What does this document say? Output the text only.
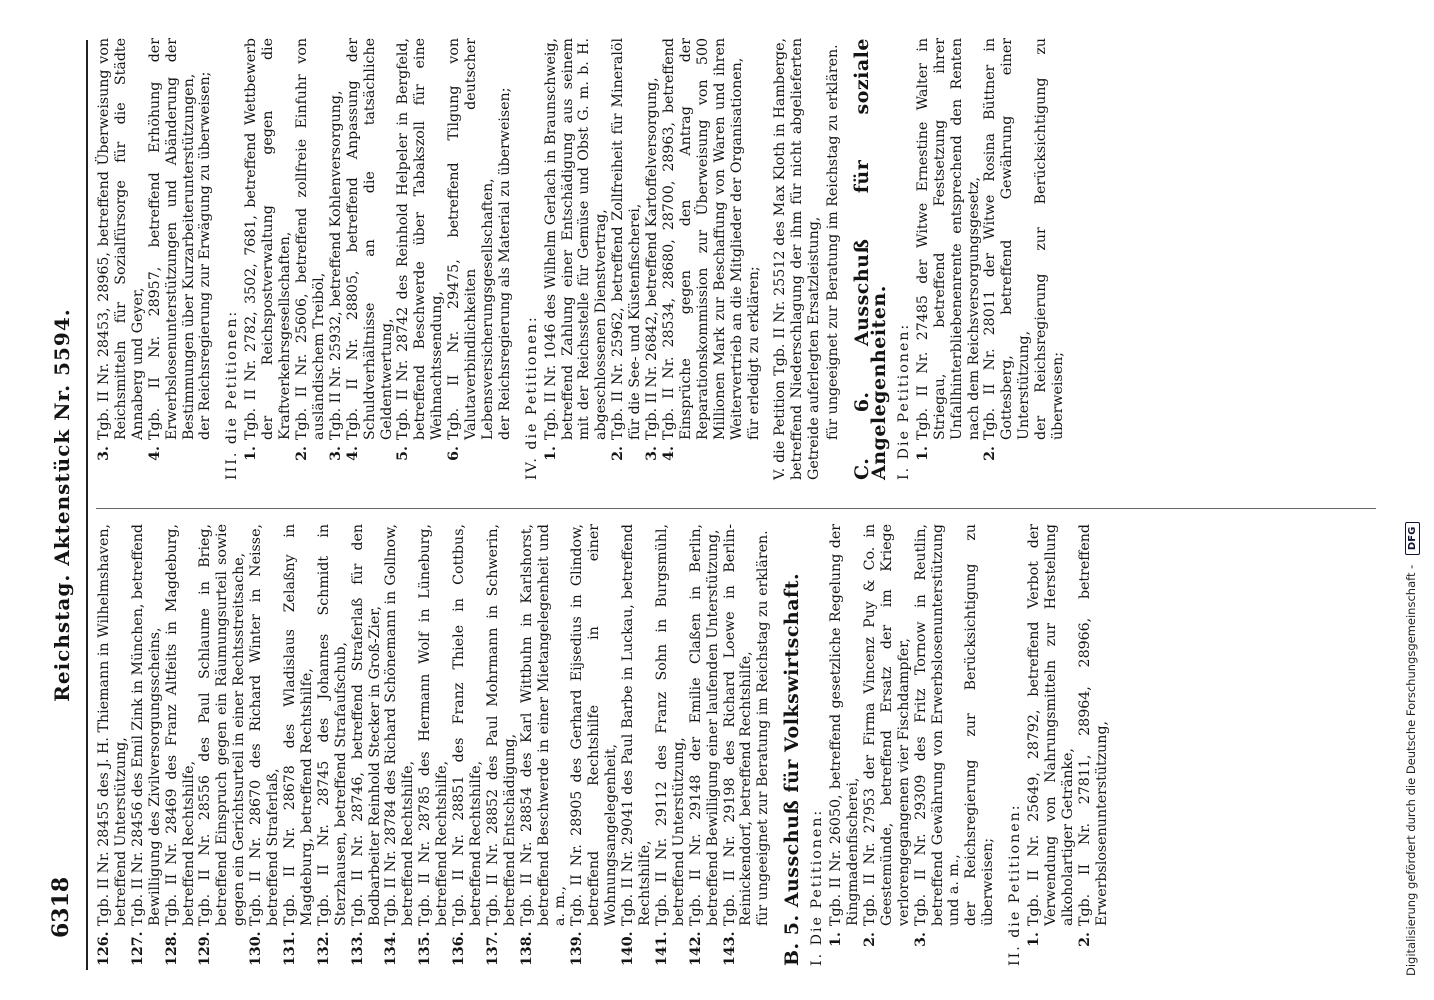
6318
Reichstag. Aktenstück Nr. 5594.
126.
Tgb. II Nr. 28455 des J. H. Thiemann in Wilhelmshaven, betreffend Unterstützung,
127.
Tgb. II Nr. 28456 des Emil Zink in München, betreffend Bewilligung des Zivilversorgungsscheins,
128.
Tgb. II Nr. 28469 des Franz Altfeits in Magdeburg, betreffend Rechtshilfe,
129.
Tgb. II Nr. 28556 des Paul Schlaume in Brieg, betreffend Einspruch gegen ein Räumungsurteil sowie gegen ein Gerichtsurteil in einer Rechtsstreitsache,
130.
Tgb. II Nr. 28670 des Richard Winter in Neisse, betreffend Straferlaß,
131.
Tgb. II Nr. 28678 des Wladislaus Zelaßny in Magdeburg, betreffend Rechtshilfe,
132.
Tgb. II Nr. 28745 des Johannes Schmidt in Sterzhausen, betreffend Strafaufschub,
133.
Tgb. II Nr. 28746, betreffend Straferlaß für den Bodbarbeiter Reinhold Stecker in Groß-Zier,
134.
Tgb. II Nr. 28784 des Richard Schönemann in Gollnow, betreffend Rechtshilfe,
135.
Tgb. II Nr. 28785 des Hermann Wolf in Lüneburg, betreffend Rechtshilfe,
136.
Tgb. II Nr. 28851 des Franz Thiele in Cottbus, betreffend Rechtshilfe,
137.
Tgb. II Nr. 28852 des Paul Mohrmann in Schwerin, betreffend Entschädigung,
138.
Tgb. II Nr. 28854 des Karl Wittbuhn in Karlshorst, betreffend Beschwerde in einer Mietangelegenheit und a. m.,
139.
Tgb. II Nr. 28905 des Gerhard Eijsedius in Glindow, betreffend Rechtshilfe in einer Wohnungsangelegenheit,
140.
Tgb. II Nr. 29041 des Paul Barbe in Luckau, betreffend Rechtshilfe,
141.
Tgb. II Nr. 29112 des Franz Sohn in Burgsmühl, betreffend Unterstützung,
142.
Tgb. II Nr. 29148 der Emilie Claßen in Berlin, betreffend Bewilligung einer laufenden Unterstützung,
143.
Tgb. II Nr. 29198 des Richard Loewe in Berlin-Reinickendorf, betreffend Rechtshilfe, für ungeeignet zur Beratung im Reichstag zu erklären. B. 5. Ausschuß für Volkswirtschaft. I. Die Petitionen: 1.
Tgb. II Nr. 26050, betreffend gesetzliche Regelung der Ringmadenfischerei,
2.
Tgb. II Nr. 27953 der Firma Vincenz Puy & Co. in Geestemünde, betreffend Ersatz der im Kriege verlorengegangenen vier Fischdampfer,
3.
Tgb. II Nr. 29309 des Fritz Tornow in Reutlin, betreffend Gewährung von Erwerbslosenunterstützung und a. m., der Reichsregierung zur Berücksichtigung zu überweisen; II. die Petitionen: 1.
Tgb. II Nr. 25649, 28792, betreffend Verbot der Verwendung von Nahrungsmitteln zur Herstellung alkoholartiger Getränke,
2.
Tgb. II Nr. 27811, 28964, 28966, betreffend Erwerbslosenunterstützung,
3.
Tgb. II Nr. 28453, 28965, betreffend Überweisung von Reichsmitteln für Sozialfürsorge für die Städte Annaberg und Geyer,
4.
Tgb. II Nr. 28957, betreffend Erhöhung der Erwerbslosenunterstützungen und Abänderung der Bestimmungen über Kurzarbeiterunterstützungen, der Reichsregierung zur Erwägung zu überweisen; III. die Petitionen: 1.
Tgb. II Nr. 2782, 3502, 7681, betreffend Wettbewerb der Reichspostverwaltung gegen die Kraftverkehrsgesellschaften,
2.
Tgb. II Nr. 25606, betreffend zollfreie Einfuhr von ausländischem Treiböl,
3.
Tgb. II Nr. 25932, betreffend Kohlenversorgung,
4.
Tgb. II Nr. 28805, betreffend Anpassung der Schuldverhältnisse an die tatsächliche Geldentwertung,
5.
Tgb. II Nr. 28742 des Reinhold Helpeler in Bergfeld, betreffend Beschwerde über Tabakszoll für eine Weihnachtssendung,
6.
Tgb. II Nr. 29475, betreffend Tilgung von Valutaverbindlichkeiten deutscher Lebensversicherungsgesellschaften, der Reichsregierung als Material zu überweisen; IV. die Petitionen: 1.
Tgb. II Nr. 1046 des Wilhelm Gerlach in Braunschweig, betreffend Zahlung einer Entschädigung aus seinem mit der Reichsstelle für Gemüse und Obst G. m. b. H. abgeschlossenen Dienstvertrag,
2.
Tgb. II Nr. 25962, betreffend Zollfreiheit für Mineralöl für die See- und Küstenfischerei,
3.
Tgb. II Nr. 26842, betreffend Kartoffelversorgung,
4.
Tgb. II Nr. 28534, 28680, 28700, 28963, betreffend Einsprüche gegen den Antrag der Reparationskommission zur Überweisung von 500 Millionen Mark zur Beschaffung von Waren und ihren Weitervertrieb an die Mitglieder der Organisationen, für erledigt zu erklären; V. die Petition Tgb. II Nr. 25512 des Max Kloth in Hamberge, betreffend Niederschlagung der ihm für nicht abgelieferten Getreide auferlegten Ersatzleistung, für ungeeignet zur Beratung im Reichstag zu erklären. C. 6. Ausschuß für soziale Angelegenheiten. I. Die Petitionen: 1.
Tgb. II Nr. 27485 der Witwe Ernestine Walter in Striegau, betreffend Festsetzung ihrer Unfallhinterbliebenenrente entsprechend den Renten nach dem Reichsversorgungsgesetz,
2.
Tgb. II Nr. 28011 der Witwe Rosina Büttner in Gottesberg, betreffend Gewährung einer Unterstützung, der Reichsregierung zur Berücksichtigung zu überweisen;
Digitalisierung gefördert durch die Deutsche Forschungsgemeinschaft - DFG
